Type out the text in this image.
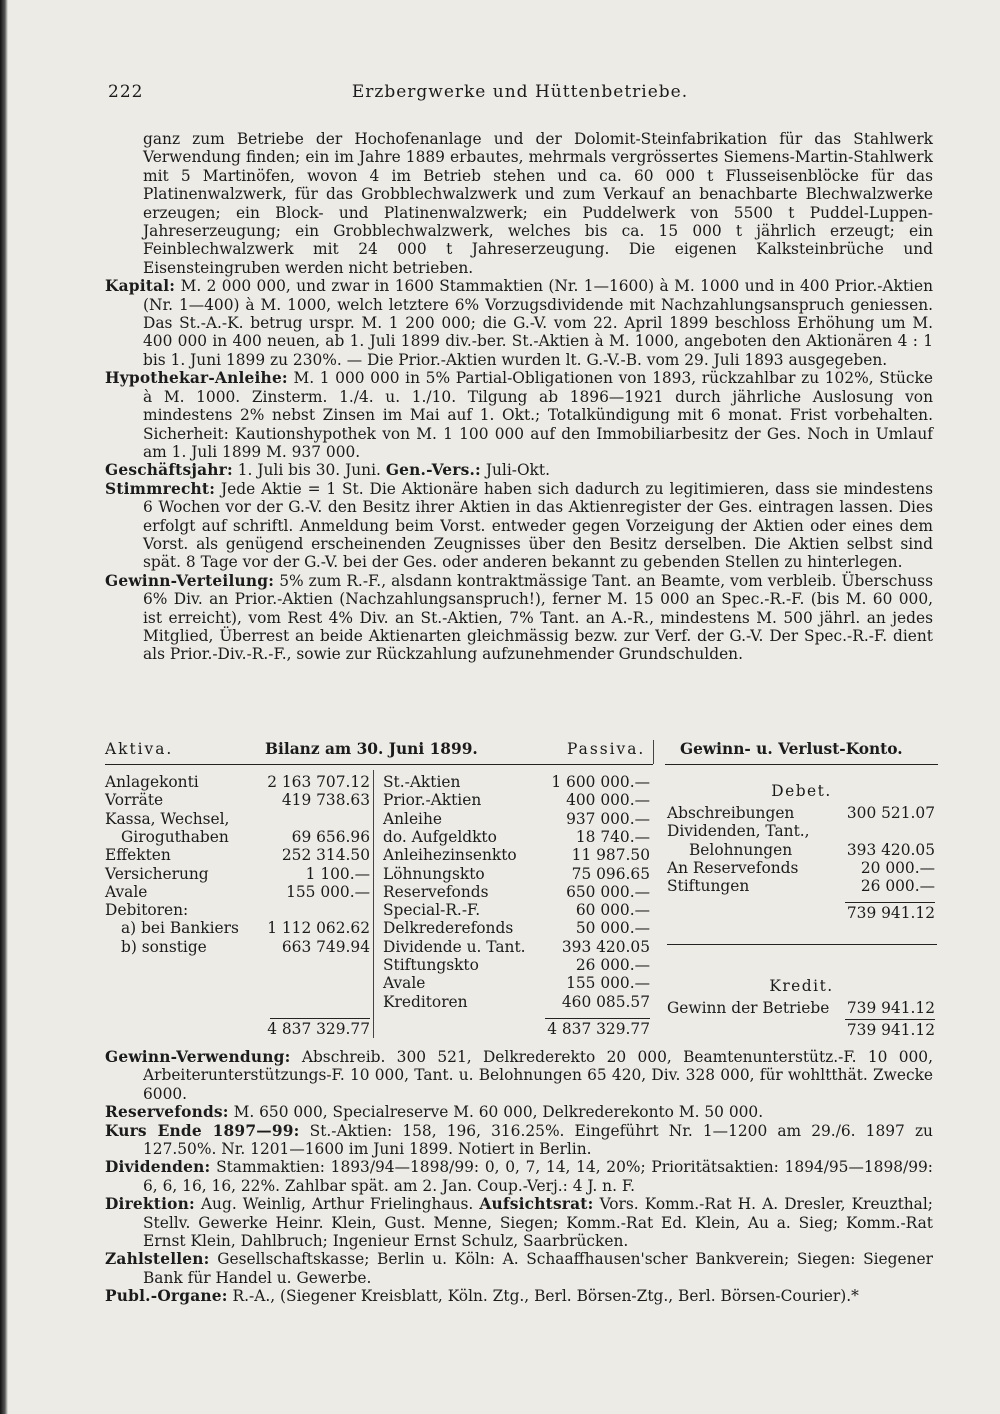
222	Erzbergwerke und Hüttenbetriebe.

ganz zum Betriebe der Hochofenanlage und der Dolomit-Steinfabrikation für das Stahlwerk Verwendung finden; ein im Jahre 1889 erbautes, mehrmals vergrössertes Siemens-Martin-Stahlwerk mit 5 Martinöfen, wovon 4 im Betrieb stehen und ca. 60 000 t Flusseisenblöcke für das Platinenwalzwerk, für das Grobblechwalzwerk und zum Verkauf an benachbarte Blechwalzwerke erzeugen; ein Block- und Platinenwalzwerk; ein Puddelwerk von 5500 t Puddel-Luppen-Jahreserzeugung; ein Grobblechwalzwerk, welches bis ca. 15 000 t jährlich erzeugt; ein Feinblechwalzwerk mit 24 000 t Jahreserzeugung. Die eigenen Kalksteinbrüche und Eisensteingruben werden nicht betrieben.

Kapital: M. 2 000 000, und zwar in 1600 Stammaktien (Nr. 1—1600) à M. 1000 und in 400 Prior.-Aktien (Nr. 1—400) à M. 1000, welch letztere 6% Vorzugsdividende mit Nachzahlungsanspruch geniessen. Das St.-A.-K. betrug urspr. M. 1 200 000; die G.-V. vom 22. April 1899 beschloss Erhöhung um M. 400 000 in 400 neuen, ab 1. Juli 1899 div.-ber. St.-Aktien à M. 1000, angeboten den Aktionären 4 : 1 bis 1. Juni 1899 zu 230%. — Die Prior.-Aktien wurden lt. G.-V.-B. vom 29. Juli 1893 ausgegeben.

Hypothekar-Anleihe: M. 1 000 000 in 5% Partial-Obligationen von 1893, rückzahlbar zu 102%, Stücke à M. 1000. Zinsterm. 1./4. u. 1./10. Tilgung ab 1896—1921 durch jährliche Auslosung von mindestens 2% nebst Zinsen im Mai auf 1. Okt.; Totalkündigung mit 6 monat. Frist vorbehalten. Sicherheit: Kautionshypothek von M. 1 100 000 auf den Immobiliarbesitz der Ges. Noch in Umlauf am 1. Juli 1899 M. 937 000.

Geschäftsjahr: 1. Juli bis 30. Juni. Gen.-Vers.: Juli-Okt.

Stimmrecht: Jede Aktie = 1 St. Die Aktionäre haben sich dadurch zu legitimieren, dass sie mindestens 6 Wochen vor der G.-V. den Besitz ihrer Aktien in das Aktienregister der Ges. eintragen lassen. Dies erfolgt auf schriftl. Anmeldung beim Vorst. entweder gegen Vorzeigung der Aktien oder eines dem Vorst. als genügend erscheinenden Zeugnisses über den Besitz derselben. Die Aktien selbst sind spät. 8 Tage vor der G.-V. bei der Ges. oder anderen bekannt zu gebenden Stellen zu hinterlegen.

Gewinn-Verteilung: 5% zum R.-F., alsdann kontraktmässige Tant. an Beamte, vom verbleib. Überschuss 6% Div. an Prior.-Aktien (Nachzahlungsanspruch!), ferner M. 15 000 an Spec.-R.-F. (bis M. 60 000, ist erreicht), vom Rest 4% Div. an St.-Aktien, 7% Tant. an A.-R., mindestens M. 500 jährl. an jedes Mitglied, Überrest an beide Aktienarten gleichmässig bezw. zur Verf. der G.-V. Der Spec.-R.-F. dient als Prior.-Div.-R.-F., sowie zur Rückzahlung aufzunehmender Grundschulden.

Aktiva.	Bilanz am 30. Juni 1899.	Passiva. Gewinn- u. Verlust-Konto.
Anlagekonti	2 163 707.12
Vorräte	419 738.63
Kassa, Wechsel,
Giroguthaben	69 656.96
Effekten	252 314.50
Versicherung	1 100.—
Avale	155 000.—
Debitoren:
a) bei Bankiers	1 112 062.62
b) sonstige	663 749.94
4 837 329.77
St.-Aktien	1 600 000.—
Prior.-Aktien	400 000.—
Anleihe	937 000.—
do. Aufgeldkto	18 740.—
Anleihezinsenkto	11 987.50
Löhnungskto	75 096.65
Reservefonds	650 000.—
Special-R.-F.	60 000.—
Delkrederefonds	50 000.—
Dividende u. Tant.	393 420.05
Stiftungskto	26 000.—
Avale	155 000.—
Kreditoren	460 085.57
4 837 329.77
Debet.
Abschreibungen	300 521.07
Dividenden, Tant.,
Belohnungen	393 420.05
An Reservefonds	20 000.—
Stiftungen	26 000.—
739 941.12
Kredit.
Gewinn der Betriebe	739 941.12
739 941.12

Gewinn-Verwendung: Abschreib. 300 521, Delkrederekto 20 000, Beamtenunterstütz.-F. 10 000, Arbeiterunterstützungs-F. 10 000, Tant. u. Belohnungen 65 420, Div. 328 000, für wohltthät. Zwecke 6000.

Reservefonds: M. 650 000, Specialreserve M. 60 000, Delkrederekonto M. 50 000.

Kurs Ende 1897—99: St.-Aktien: 158, 196, 316.25%. Eingeführt Nr. 1—1200 am 29./6. 1897 zu 127.50%. Nr. 1201—1600 im Juni 1899. Notiert in Berlin.

Dividenden: Stammaktien: 1893/94—1898/99: 0, 0, 7, 14, 14, 20%; Prioritätsaktien: 1894/95—1898/99: 6, 6, 16, 16, 22%. Zahlbar spät. am 2. Jan. Coup.-Verj.: 4 J. n. F.

Direktion: Aug. Weinlig, Arthur Frielinghaus. Aufsichtsrat: Vors. Komm.-Rat H. A. Dresler, Kreuzthal; Stellv. Gewerke Heinr. Klein, Gust. Menne, Siegen; Komm.-Rat Ed. Klein, Au a. Sieg; Komm.-Rat Ernst Klein, Dahlbruch; Ingenieur Ernst Schulz, Saarbrücken.

Zahlstellen: Gesellschaftskasse; Berlin u. Köln: A. Schaaffhausen'scher Bankverein; Siegen: Siegener Bank für Handel u. Gewerbe.

Publ.-Organe: R.-A., (Siegener Kreisblatt, Köln. Ztg., Berl. Börsen-Ztg., Berl. Börsen-Courier).*
